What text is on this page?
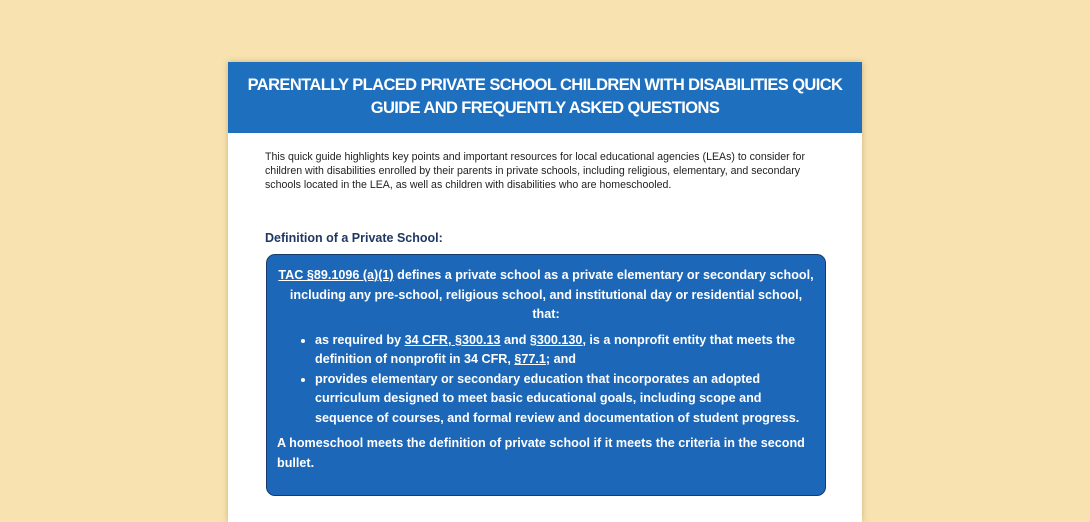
PARENTALLY PLACED PRIVATE SCHOOL CHILDREN WITH DISABILITIES QUICK
GUIDE AND FREQUENTLY ASKED QUESTIONS
This quick guide highlights key points and important resources for local educational agencies (LEAs) to consider for children with disabilities enrolled by their parents in private schools, including religious, elementary, and secondary schools located in the LEA, as well as children with disabilities who are homeschooled.
Definition of a Private School:
TAC §89.1096 (a)(1) defines a private school as a private elementary or secondary school, including any pre-school, religious school, and institutional day or residential school, that:
• as required by 34 CFR, §300.13 and §300.130, is a nonprofit entity that meets the definition of nonprofit in 34 CFR, §77.1; and
• provides elementary or secondary education that incorporates an adopted curriculum designed to meet basic educational goals, including scope and sequence of courses, and formal review and documentation of student progress.
A homeschool meets the definition of private school if it meets the criteria in the second bullet.
